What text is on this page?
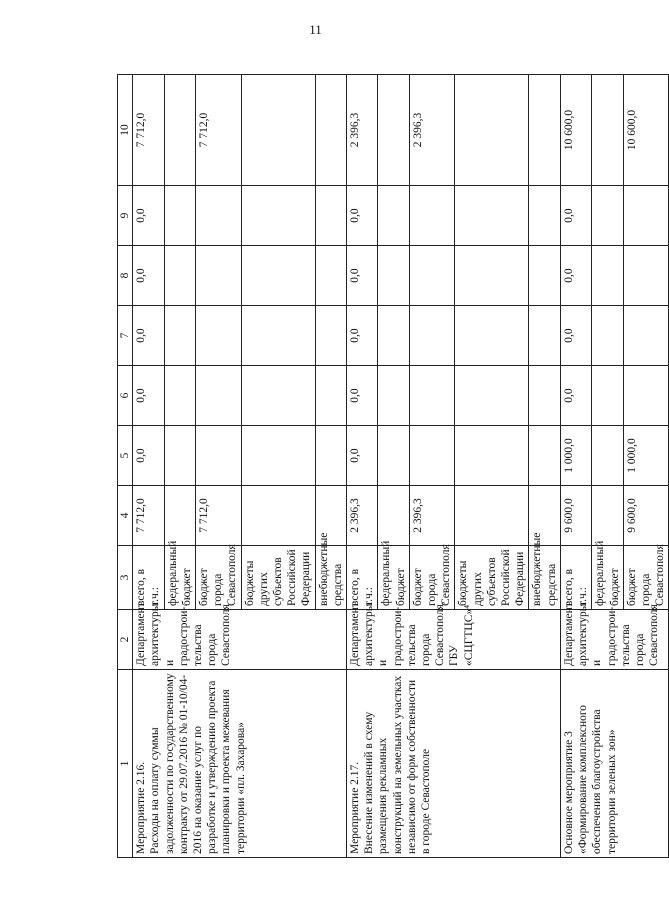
11
1	2	3	4	5	6	7	8	9	10
Мероприятие 2.16.
Расходы на оплату суммы задолженности по государственному контракту от 29.07.2016 № 01-10/04-2016 на оказание услуг по разработке и утверждению проекта планировки и проекта межевания территории «пл. Захарова»	Департамент архитектуры и градострои-тельства города Севастополя	всего, в т.ч.:	7 712,0	0,0	0,0	0,0	0,0	0,0	7 712,0
		федеральный бюджет							
		бюджет города Севастополя	7 712,0						7 712,0
		бюджеты других субъектов Российской Федерации							
		внебюджетные средства							
Мероприятие 2.17.
Внесение изменений в схему размещения рекламных конструкций на земельных участках независимо от форм собственности в городе Севастополе	Департамент архитектуры и градострои-тельства города Севастополя, ГБУ «СЦГТЦС»⁴	всего, в т.ч.:	2 396,3	0,0	0,0	0,0	0,0	0,0	2 396,3
		федеральный бюджет							
		бюджет города Севастополя	2 396,3						2 396,3
		бюджеты других субъектов Российской Федерации							
		внебюджетные средства							
Основное мероприятие 3 «Формирование комплексного обеспечения благоустройства территории зеленых зон»	Департамент архитектуры и градострои-тельства города Севастополя	всего, в т.ч.:	9 600,0	1 000,0	0,0	0,0	0,0	0,0	10 600,0
		федеральный бюджет							
		бюджет города Севастополя	9 600,0	1 000,0					10 600,0
